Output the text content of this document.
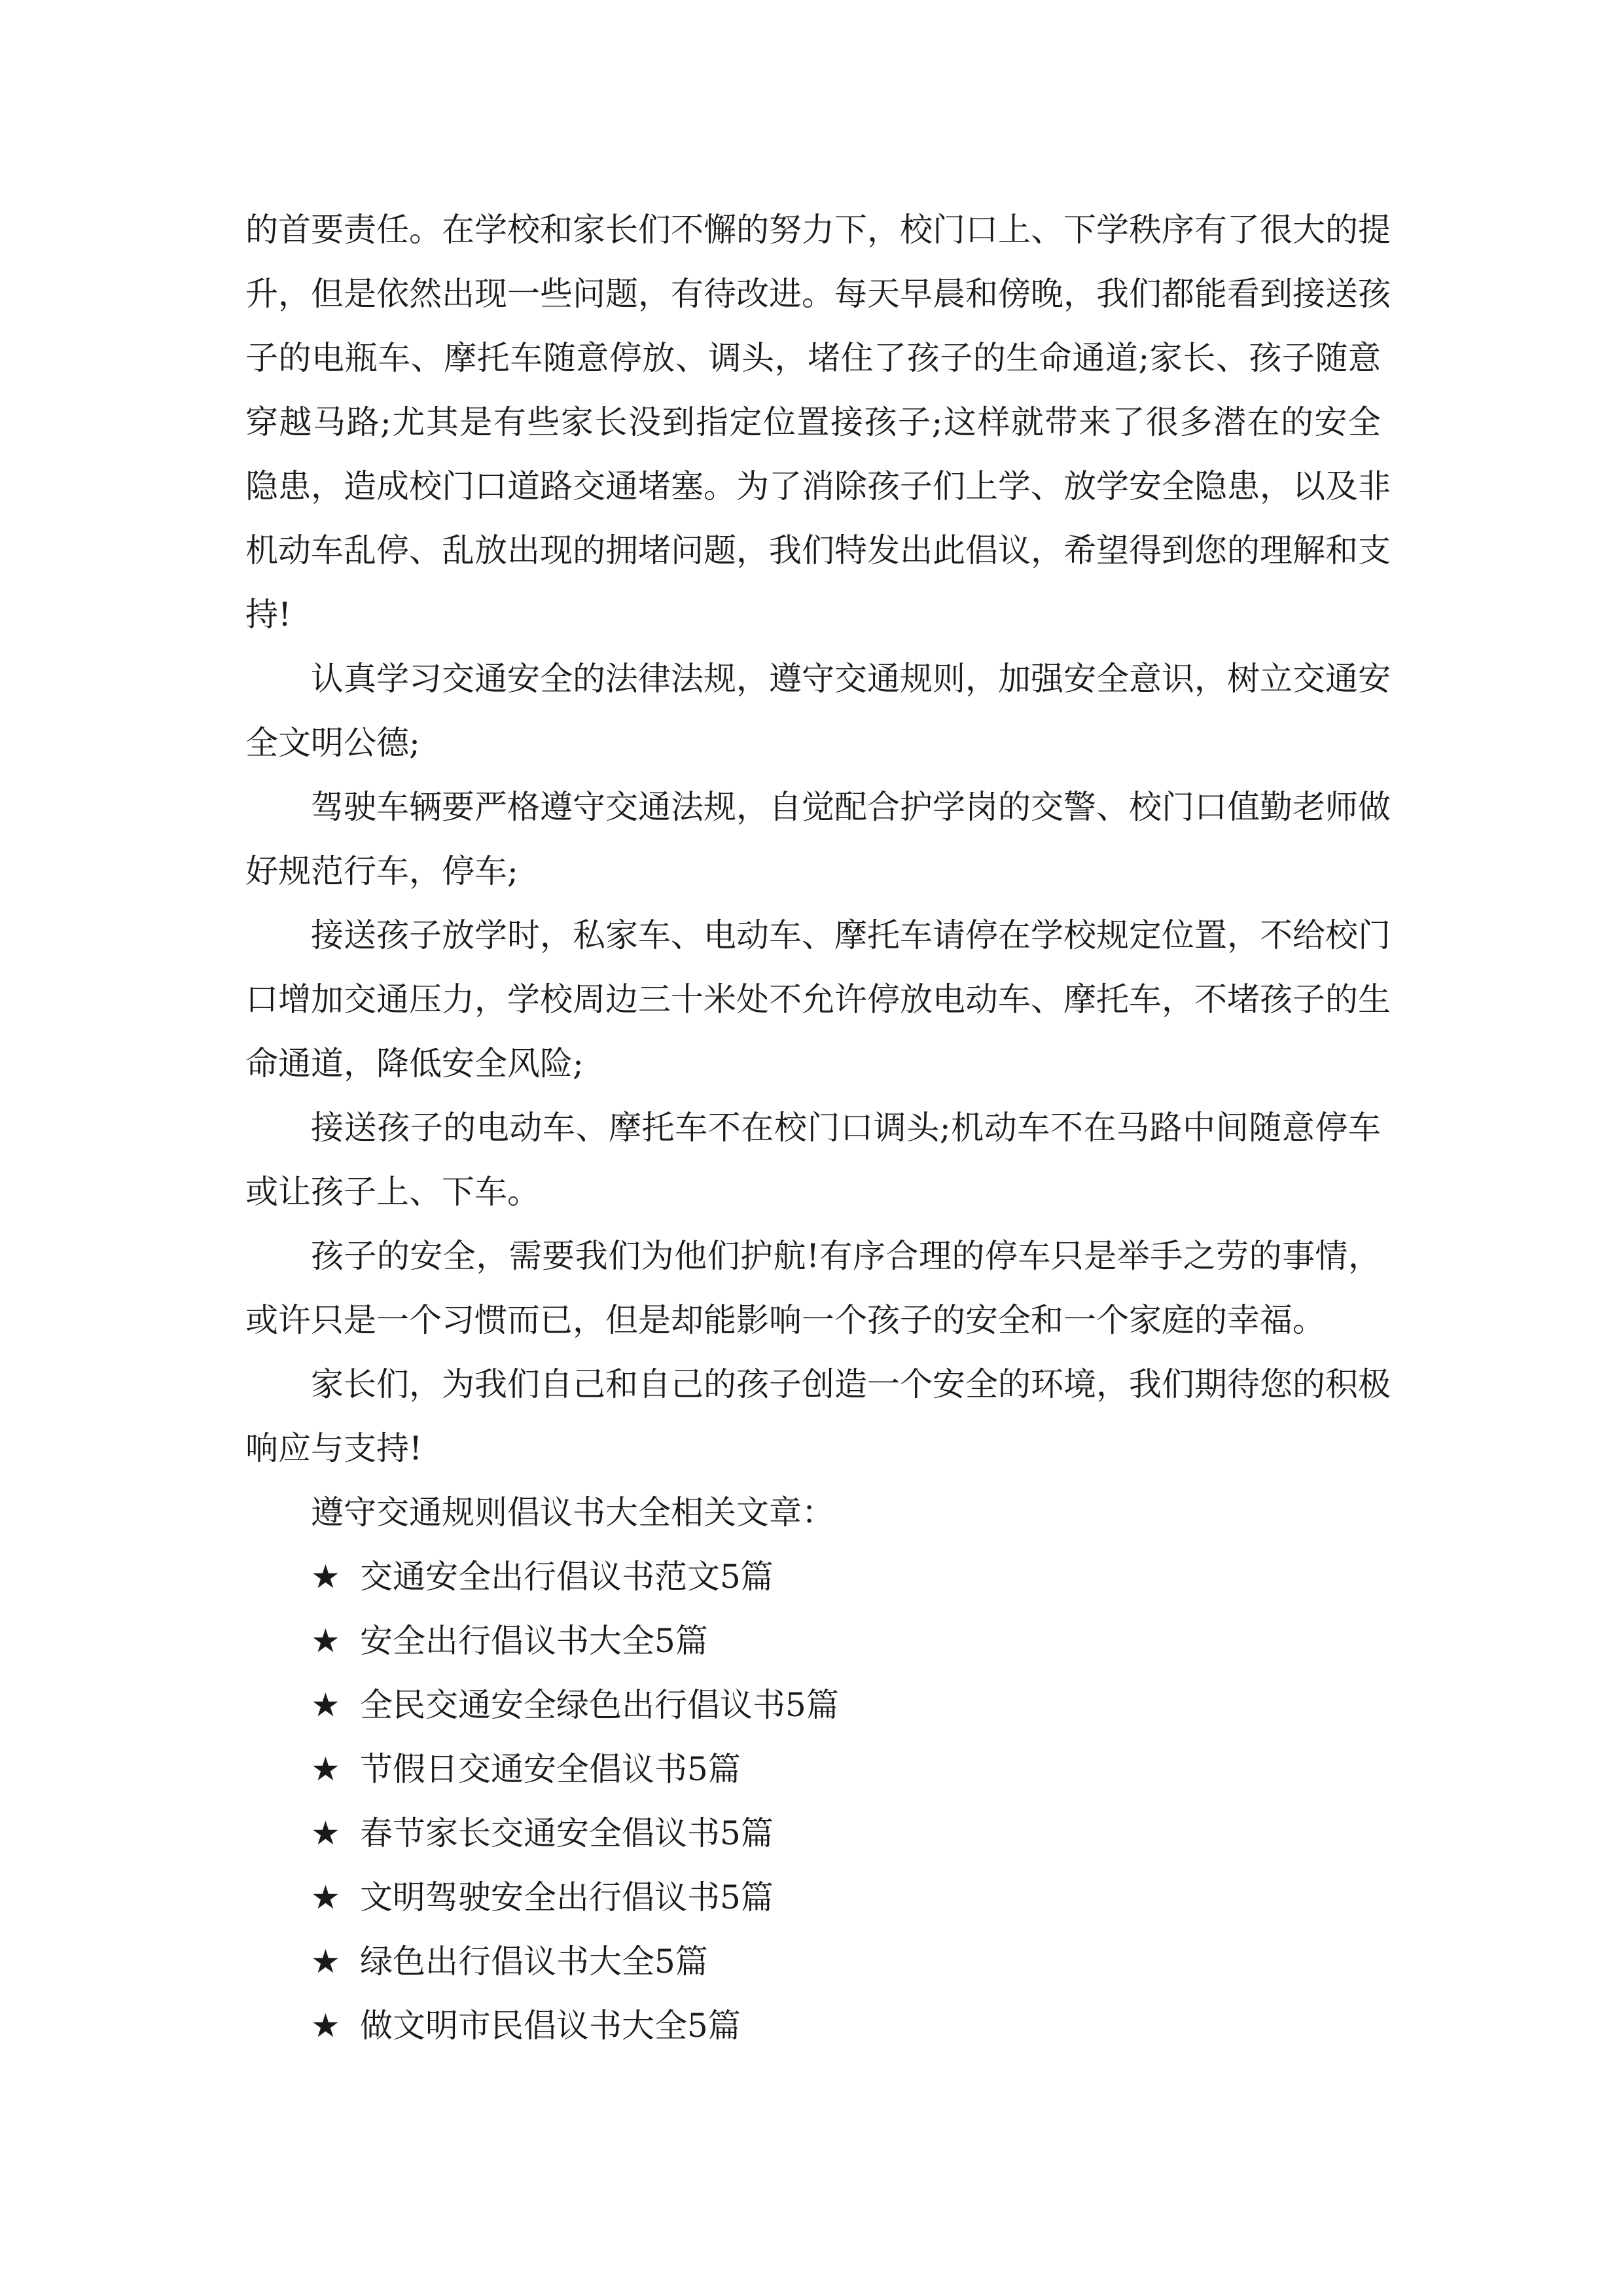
的首要责任。在学校和家长们不懈的努力下，校门口上、下学秩序有了很大的提
升，但是依然出现一些问题，有待改进。每天早晨和傍晚，我们都能看到接送孩
子的电瓶车、摩托车随意停放、调头，堵住了孩子的生命通道;家长、孩子随意
穿越马路;尤其是有些家长没到指定位置接孩子;这样就带来了很多潜在的安全
隐患，造成校门口道路交通堵塞。为了消除孩子们上学、放学安全隐患，以及非
机动车乱停、乱放出现的拥堵问题，我们特发出此倡议，希望得到您的理解和支
持!
认真学习交通安全的法律法规，遵守交通规则，加强安全意识，树立交通安
全文明公德;
驾驶车辆要严格遵守交通法规，自觉配合护学岗的交警、校门口值勤老师做
好规范行车，停车;
接送孩子放学时，私家车、电动车、摩托车请停在学校规定位置，不给校门
口增加交通压力，学校周边三十米处不允许停放电动车、摩托车，不堵孩子的生
命通道，降低安全风险;
接送孩子的电动车、摩托车不在校门口调头;机动车不在马路中间随意停车
或让孩子上、下车。
孩子的安全，需要我们为他们护航!有序合理的停车只是举手之劳的事情，
或许只是一个习惯而已，但是却能影响一个孩子的安全和一个家庭的幸福。
家长们，为我们自己和自己的孩子创造一个安全的环境，我们期待您的积极
响应与支持!
遵守交通规则倡议书大全相关文章：
★ 交通安全出行倡议书范文5篇
★ 安全出行倡议书大全5篇
★ 全民交通安全绿色出行倡议书5篇
★ 节假日交通安全倡议书5篇
★ 春节家长交通安全倡议书5篇
★ 文明驾驶安全出行倡议书5篇
★ 绿色出行倡议书大全5篇
★ 做文明市民倡议书大全5篇
